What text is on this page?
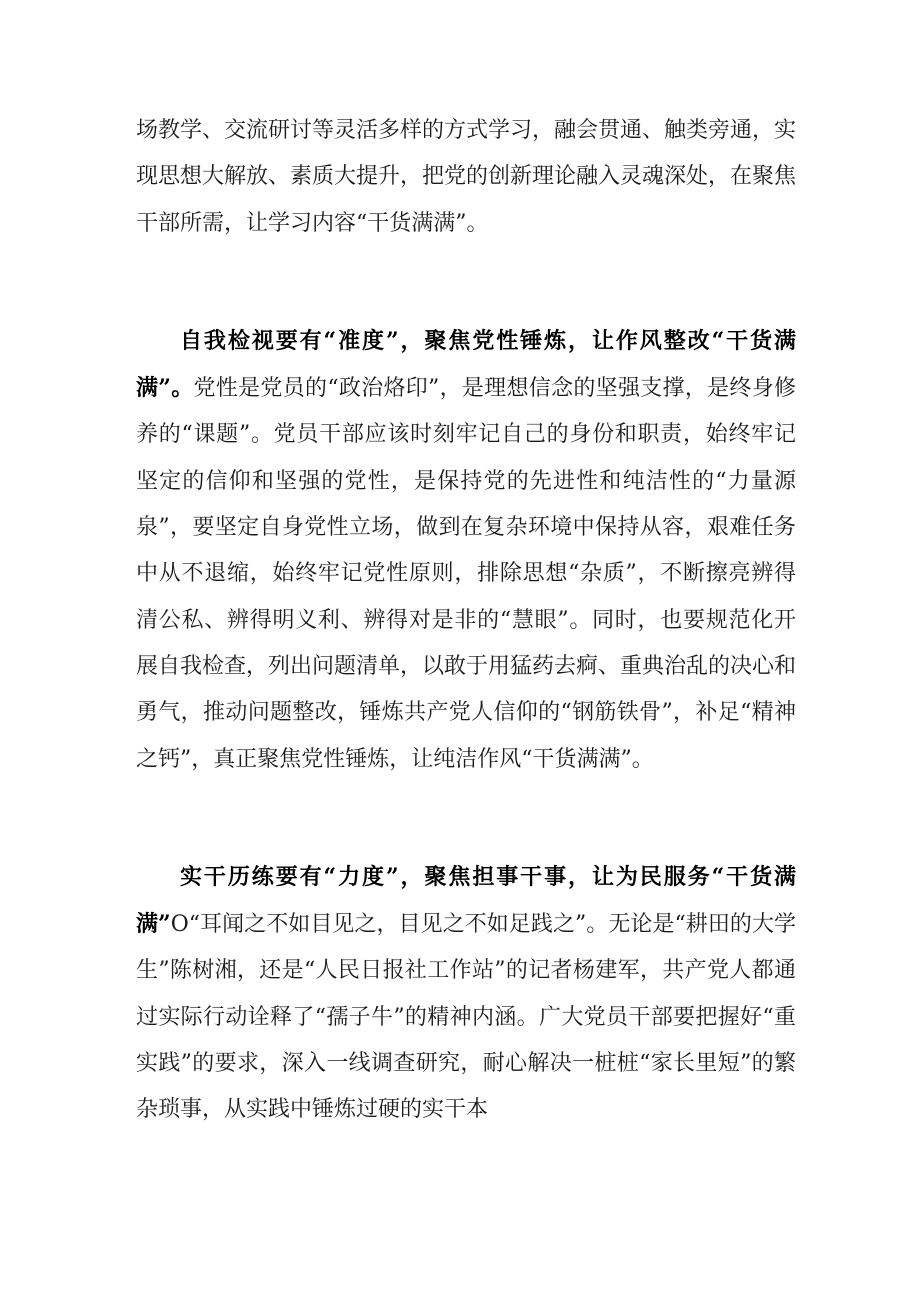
场教学、交流研讨等灵活多样的方式学习，融会贯通、触类旁通，实现思想大解放、素质大提升，把党的创新理论融入灵魂深处，在聚焦干部所需，让学习内容“干货满满”。

自我检视要有“准度”，聚焦党性锤炼，让作风整改“干货满满”。党性是党员的“政治烙印”，是理想信念的坚强支撑，是终身修养的“课题”。党员干部应该时刻牢记自己的身份和职责，始终牢记坚定的信仰和坚强的党性，是保持党的先进性和纯洁性的“力量源泉”，要坚定自身党性立场，做到在复杂环境中保持从容，艰难任务中从不退缩，始终牢记党性原则，排除思想“杂质”，不断擦亮辨得清公私、辨得明义利、辨得对是非的“慧眼”。同时，也要规范化开展自我检查，列出问题清单，以敢于用猛药去痾、重典治乱的决心和勇气，推动问题整改，锤炼共产党人信仰的“钢筋铁骨”，补足“精神之钙”，真正聚焦党性锤炼，让纯洁作风“干货满满”。

实干历练要有“力度”，聚焦担事干事，让为民服务“干货满满”O“耳闻之不如目见之，目见之不如足践之”。无论是“耕田的大学生”陈树湘，还是“人民日报社工作站”的记者杨建军，共产党人都通过实际行动诠释了“孺子牛”的精神内涵。广大党员干部要把握好“重实践”的要求，深入一线调查研究，耐心解决一桩桩“家长里短”的繁杂琐事，从实践中锤炼过硬的实干本
